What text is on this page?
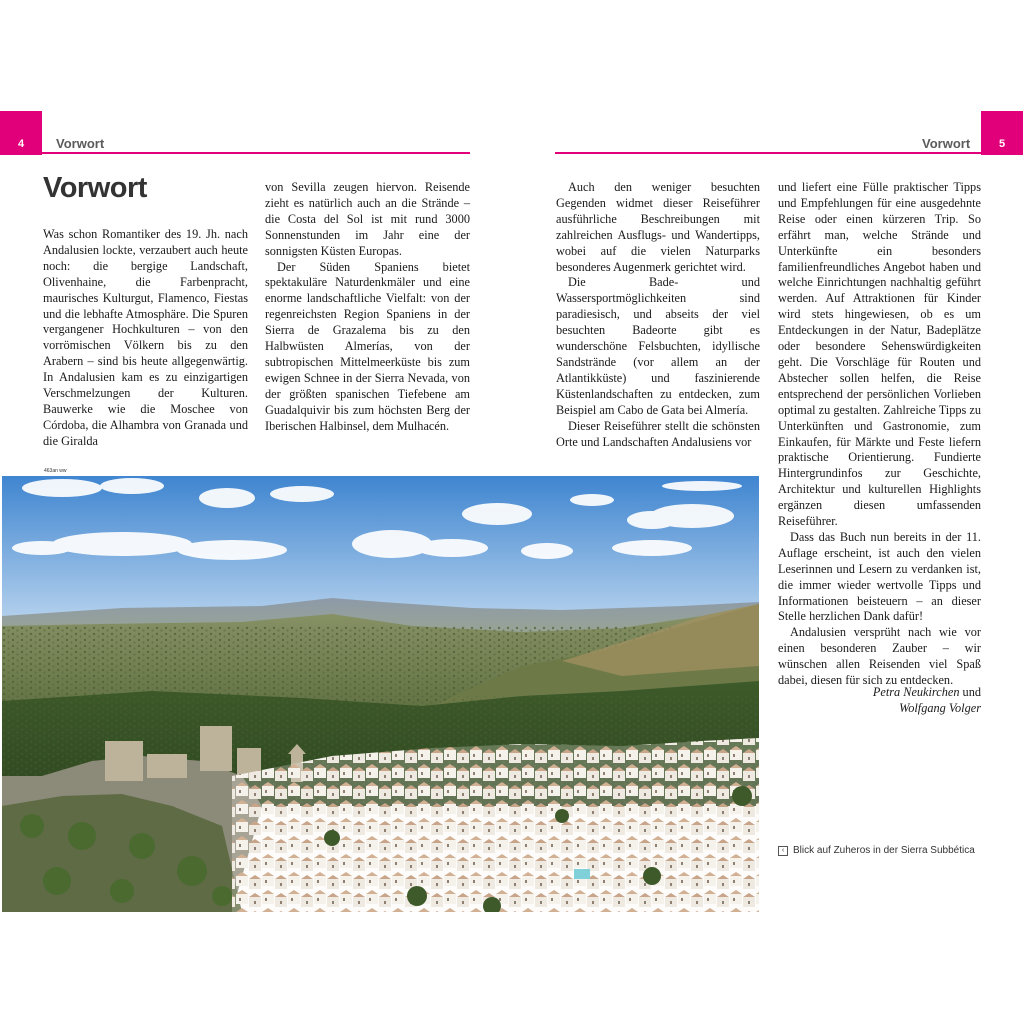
4 Vorwort	5
Vorwort
Vorwort

Was schon Romantiker des 19. Jh. nach Andalusien lockte, verzaubert auch heute noch: die bergige Landschaft, Olivenhaine, die Farbenpracht, maurisches Kulturgut, Flamenco, Fiestas und die lebhafte Atmosphäre. Die Spuren vergangener Hochkulturen – von den vorrömischen Völkern bis zu den Arabern – sind bis heute allgegenwärtig. In Andalusien kam es zu einzigartigen Verschmelzungen der Kulturen. Bauwerke wie die Moschee von Córdoba, die Alhambra von Granada und die Giralda

von Sevilla zeugen hiervon. Reisende zieht es natürlich auch an die Strände – die Costa del Sol ist mit rund 3000 Sonnenstunden im Jahr eine der sonnigsten Küsten Europas.

Der Süden Spaniens bietet spektakuläre Naturdenkmäler und eine enorme landschaftliche Vielfalt: von der regenreichsten Region Spaniens in der Sierra de Grazalema bis zu den Halbwüsten Almerías, von der subtropischen Mittelmeerküste bis zum ewigen Schnee in der Sierra Nevada, von der größten spanischen Tiefebene am Guadalquivir bis zum höchsten Berg der Iberischen Halbinsel, dem Mulhacén.

Auch den weniger besuchten Gegenden widmet dieser Reiseführer ausführliche Beschreibungen mit zahlreichen Ausflugs- und Wandertipps, wobei auf die vielen Naturparks besonderes Augenmerk gerichtet wird.

Die Bade- und Wassersportmöglichkeiten sind paradiesisch, und abseits der viel besuchten Badeorte gibt es wunderschöne Felsbuchten, idyllische Sandstrände (vor allem an der Atlantikküste) und faszinierende Küstenlandschaften zu entdecken, zum Beispiel am Cabo de Gata bei Almería.

Dieser Reiseführer stellt die schönsten Orte und Landschaften Andalusiens vor

und liefert eine Fülle praktischer Tipps und Empfehlungen für eine ausgedehnte Reise oder einen kürzeren Trip. So erfährt man, welche Strände und Unterkünfte ein besonders familienfreundliches Angebot haben und welche Einrichtungen nachhaltig geführt werden. Auf Attraktionen für Kinder wird stets hingewiesen, ob es um Entdeckungen in der Natur, Badeplätze oder besondere Sehenswürdigkeiten geht. Die Vorschläge für Routen und Abstecher sollen helfen, die Reise entsprechend der persönlichen Vorlieben optimal zu gestalten. Zahlreiche Tipps zu Unterkünften und Gastronomie, zum Einkaufen, für Märkte und Feste liefern praktische Orientierung. Fundierte Hintergrundinfos zur Geschichte, Architektur und kulturellen Highlights ergänzen diesen umfassenden Reiseführer.

Dass das Buch nun bereits in der 11. Auflage erscheint, ist auch den vielen Leserinnen und Lesern zu verdanken ist, die immer wieder wertvolle Tipps und Informationen beisteuern – an dieser Stelle herzlichen Dank dafür!

Andalusien versprüht nach wie vor einen besonderen Zauber – wir wünschen allen Reisenden viel Spaß dabei, diesen für sich zu entdecken.

Petra Neukirchen und
Wolfgang Volger
463an ww
‹ Blick auf Zuheros in der Sierra Subbética
